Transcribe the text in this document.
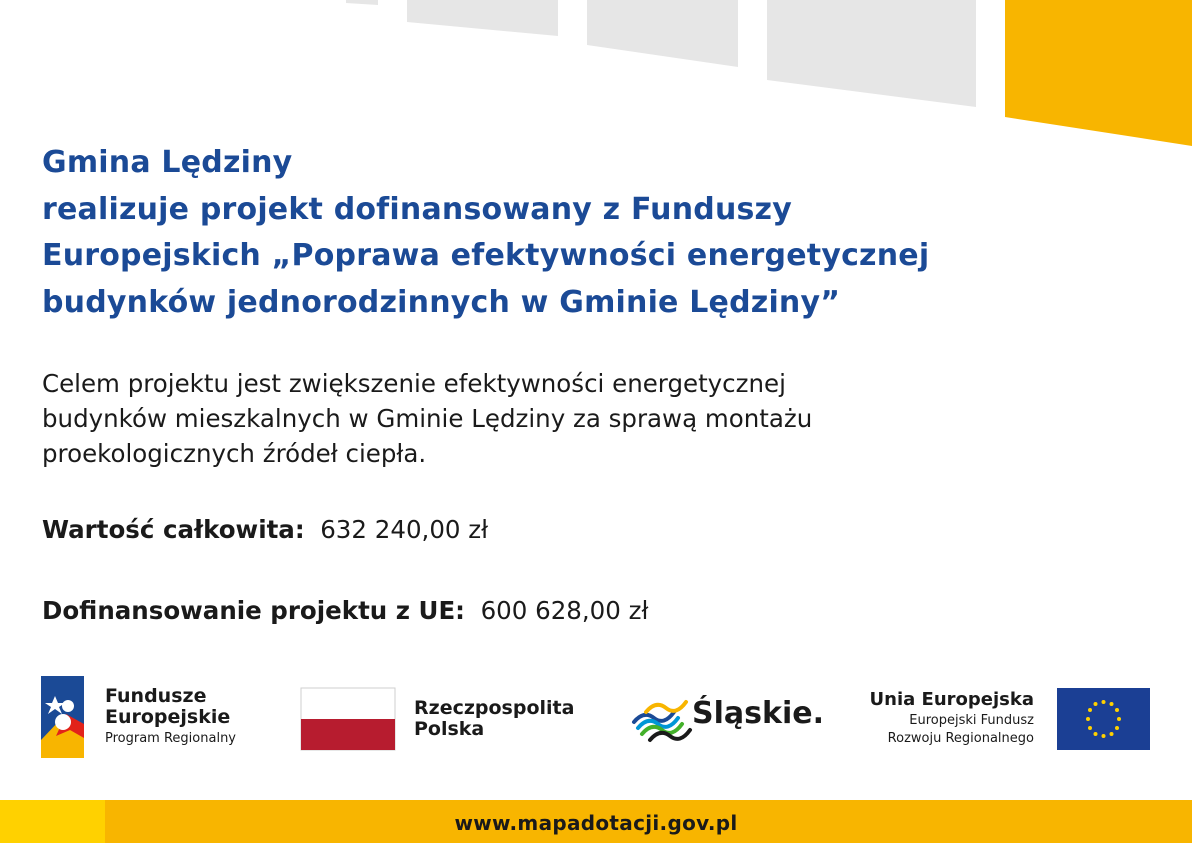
Gmina Lędziny
realizuje projekt dofinansowany z Funduszy
Europejskich „Poprawa efektywności energetycznej
budynków jednorodzinnych w Gminie Lędziny”

Celem projektu jest zwiększenie efektywności energetycznej
budynków mieszkalnych w Gminie Lędziny za sprawą montażu
proekologicznych źródeł ciepła.

Wartość całkowita: 632 240,00 zł
Dofinansowanie projektu z UE: 600 628,00 zł
Fundusze
Europejskie
Program Regionalny
Rzeczpospolita
Polska	Śląskie.	Unia Europejska
Europejski Fundusz
Rozwoju Regionalnego
www.mapadotacji.gov.pl
